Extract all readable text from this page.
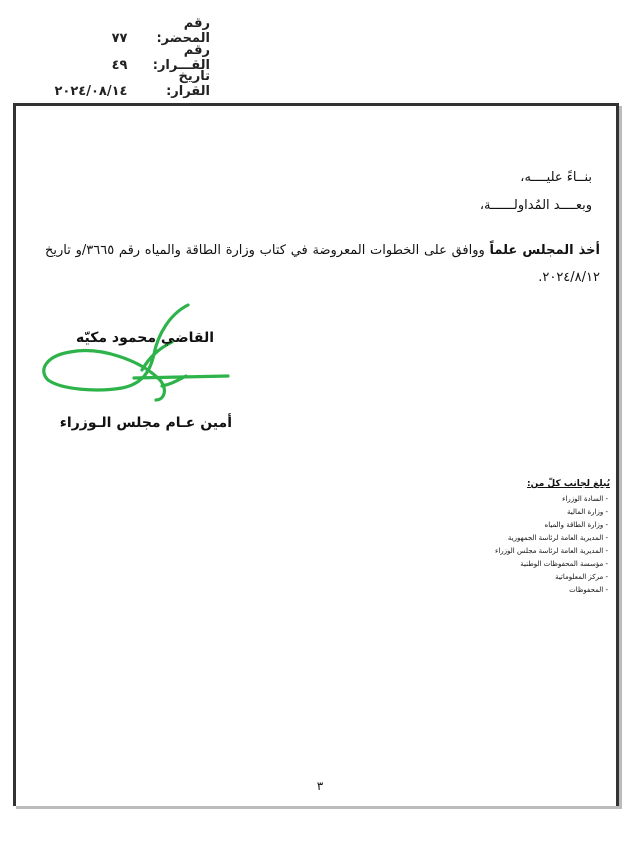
رقم المحضر: ٧٧
رقم القـــرار: ٤٩
تاريخ القرار: ٢٠٢٤/٠٨/١٤
بنــاءً عليــــه،
وبعــــد المُداولــــــة،
أخذ المجلس علماً ووافق على الخطوات المعروضة في كتاب وزارة الطاقة والمياه رقم ٣٦٦٥/و تاريخ ٢٠٢٤/٨/١٢.
القاضي محمود مكيّه
أمين عـام مجلس الـوزراء
يُبلغ لجانب كلّ من:
- السادة الوزراء
- وزارة المالية
- وزارة الطاقة والمياه
- المديرية العامة لرئاسة الجمهورية
- المديرية العامة لرئاسة مجلس الوزراء
- مؤسسة المحفوظات الوطنية
- مركز المعلوماتية
- المحفوظات
٣
